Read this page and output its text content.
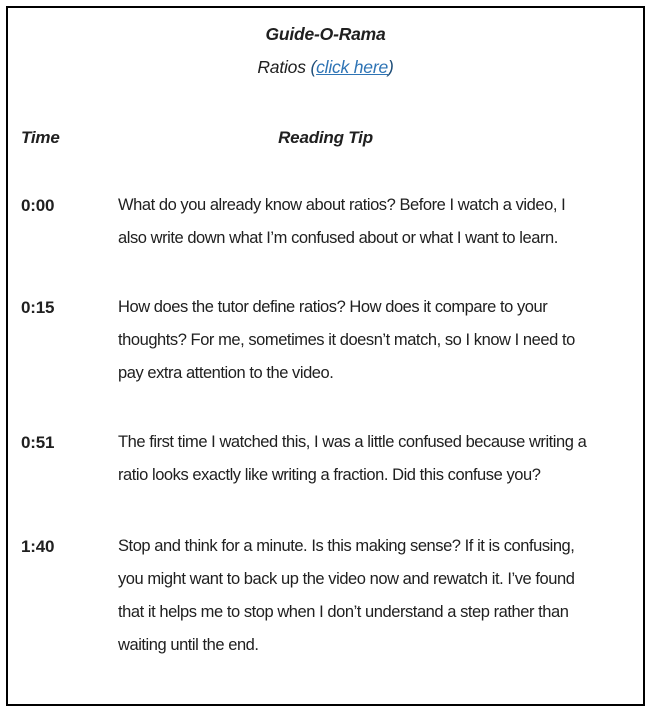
Guide-O-Rama
Ratios (click here)
Time	Reading Tip
0:00	What do you already know about ratios? Before I watch a video, I
also write down what I’m confused about or what I want to learn.
0:15	How does the tutor define ratios? How does it compare to your
thoughts? For me, sometimes it doesn’t match, so I know I need to
pay extra attention to the video.
0:51	The first time I watched this, I was a little confused because writing a
ratio looks exactly like writing a fraction. Did this confuse you?
1:40	Stop and think for a minute. Is this making sense? If it is confusing,
you might want to back up the video now and rewatch it. I’ve found
that it helps me to stop when I don’t understand a step rather than
waiting until the end.
